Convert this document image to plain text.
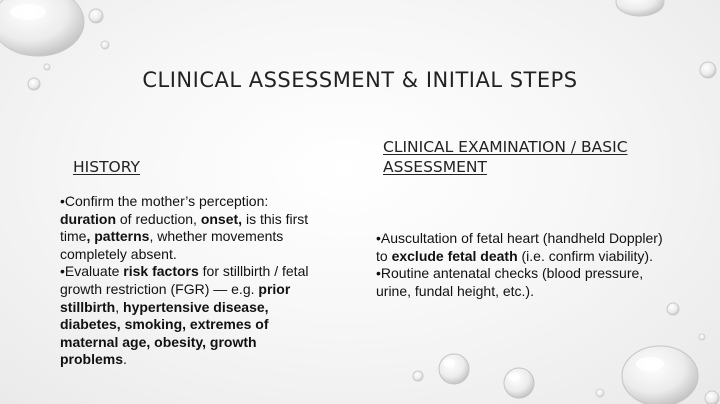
CLINICAL ASSESSMENT & INITIAL STEPS
HISTORY
CLINICAL EXAMINATION / BASIC ASSESSMENT

•Confirm the mother’s perception: duration of reduction, onset, is this first time, patterns, whether movements completely absent.

•Evaluate risk factors for stillbirth / fetal growth restriction (FGR) — e.g. prior stillbirth, hypertensive disease, diabetes, smoking, extremes of maternal age, obesity, growth problems.

•Auscultation of fetal heart (handheld Doppler) to exclude fetal death (i.e. confirm viability).

•Routine antenatal checks (blood pressure, urine, fundal height, etc.).
